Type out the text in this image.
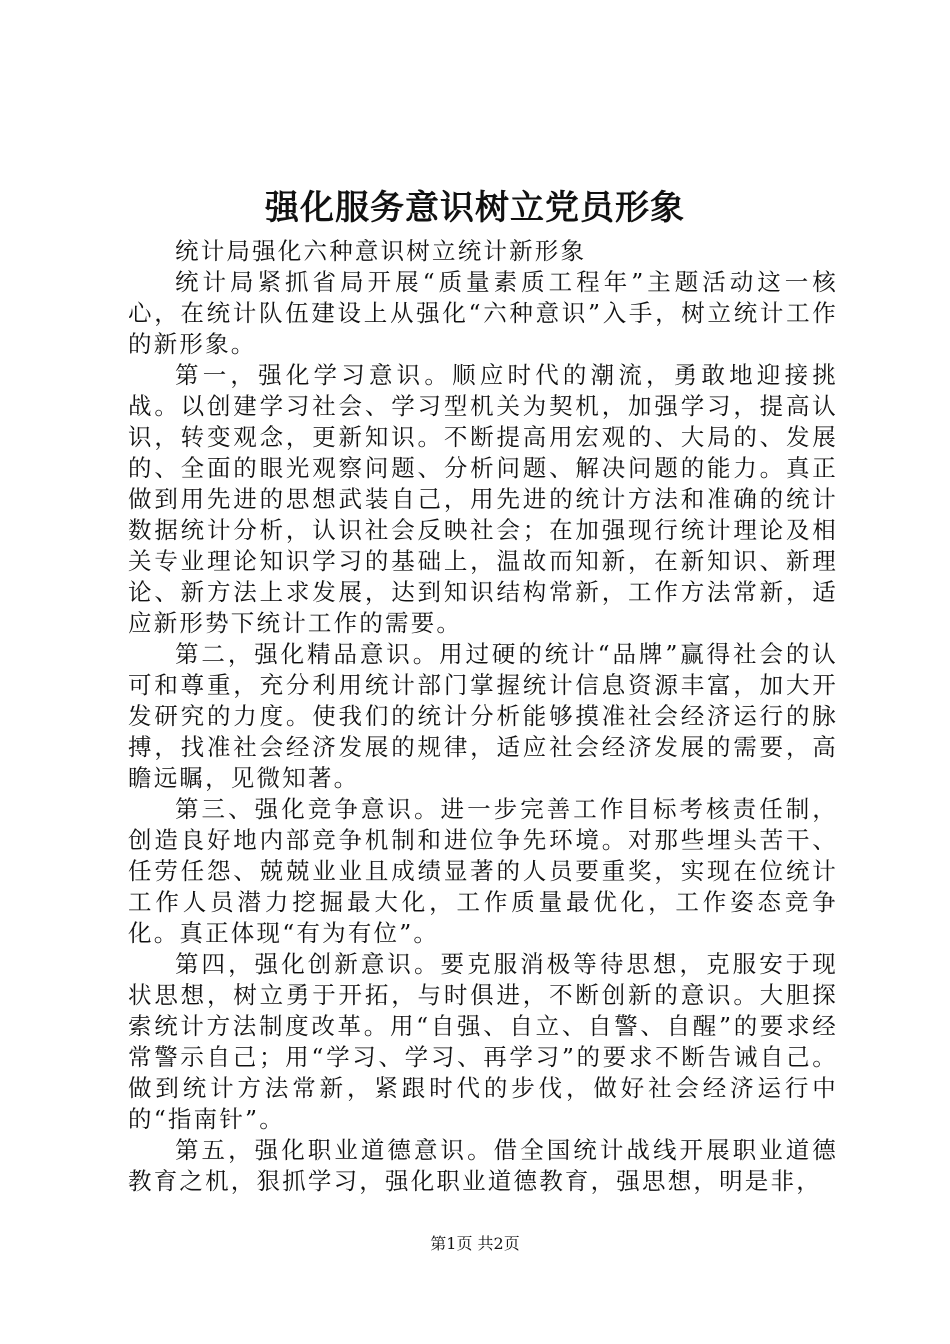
强化服务意识树立党员形象

统计局强化六种意识树立统计新形象

统计局紧抓省局开展“质量素质工程年”主题活动这一核心，在统计队伍建设上从强化“六种意识”入手，树立统计工作的新形象。

第一，强化学习意识。顺应时代的潮流，勇敢地迎接挑战。以创建学习社会、学习型机关为契机，加强学习，提高认识，转变观念，更新知识。不断提高用宏观的、大局的、发展的、全面的眼光观察问题、分析问题、解决问题的能力。真正做到用先进的思想武装自己，用先进的统计方法和准确的统计数据统计分析，认识社会反映社会；在加强现行统计理论及相关专业理论知识学习的基础上，温故而知新，在新知识、新理论、新方法上求发展，达到知识结构常新，工作方法常新，适应新形势下统计工作的需要。

第二，强化精品意识。用过硬的统计“品牌”赢得社会的认可和尊重，充分利用统计部门掌握统计信息资源丰富，加大开发研究的力度。使我们的统计分析能够摸准社会经济运行的脉搏，找准社会经济发展的规律，适应社会经济发展的需要，高瞻远瞩，见微知著。

第三、强化竞争意识。进一步完善工作目标考核责任制，创造良好地内部竞争机制和进位争先环境。对那些埋头苦干、任劳任怨、兢兢业业且成绩显著的人员要重奖，实现在位统计工作人员潜力挖掘最大化，工作质量最优化，工作姿态竞争化。真正体现“有为有位”。

第四，强化创新意识。要克服消极等待思想，克服安于现状思想，树立勇于开拓，与时俱进，不断创新的意识。大胆探索统计方法制度改革。用“自强、自立、自警、自醒”的要求经常警示自己；用“学习、学习、再学习”的要求不断告诫自己。做到统计方法常新，紧跟时代的步伐，做好社会经济运行中的“指南针”。

第五，强化职业道德意识。借全国统计战线开展职业道德教育之机，狠抓学习，强化职业道德教育，强思想，明是非，

第1页 共2页
